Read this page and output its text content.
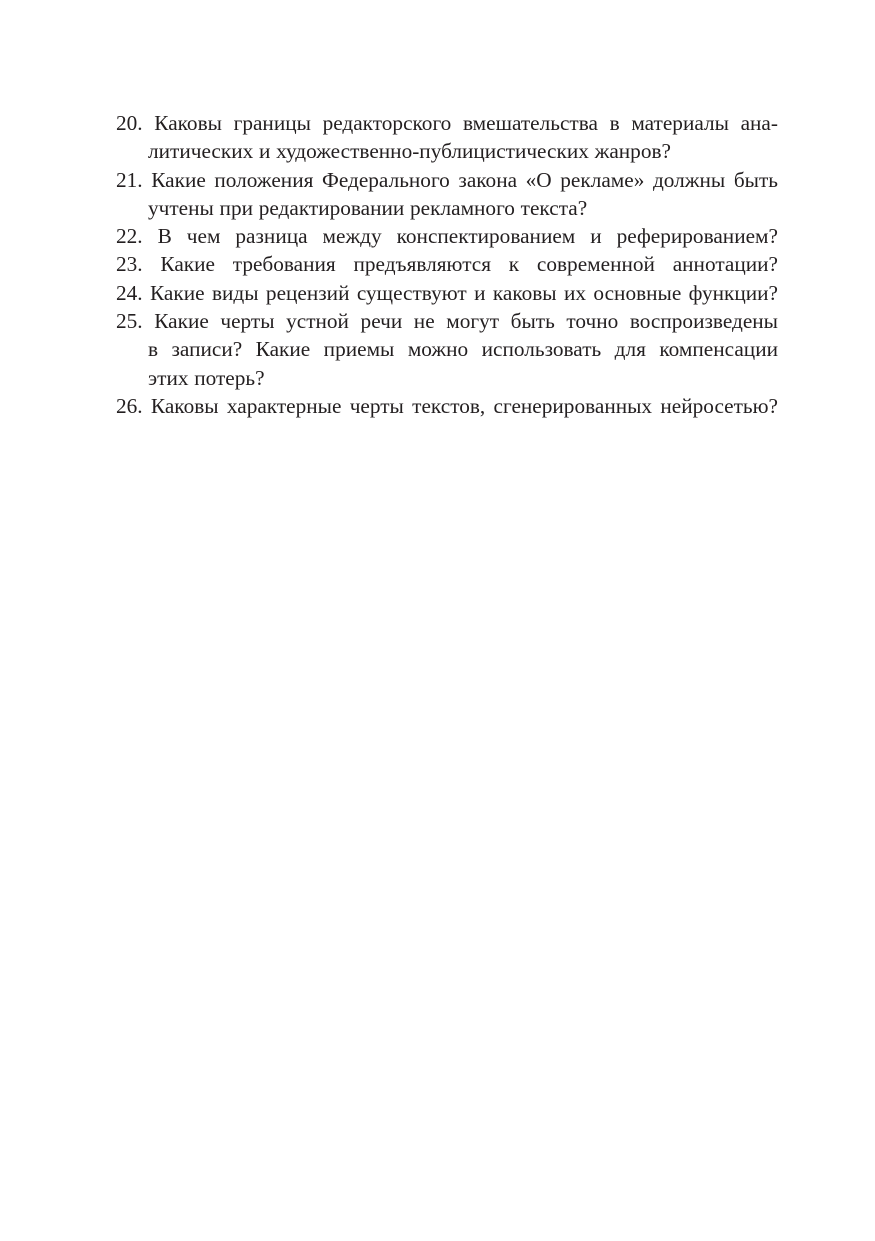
20. Каковы границы редакторского вмешательства в материалы ана-
литических и художественно-публицистических жанров?
21. Какие положения Федерального закона «О рекламе» должны быть
учтены при редактировании рекламного текста?
22. В чем разница между конспектированием и реферированием?
23. Какие требования предъявляются к современной аннотации?
24. Какие виды рецензий существуют и каковы их основные функции?
25. Какие черты устной речи не могут быть точно воспроизведены
в записи? Какие приемы можно использовать для компенсации
этих потерь?
26. Каковы характерные черты текстов, сгенерированных нейросетью?
